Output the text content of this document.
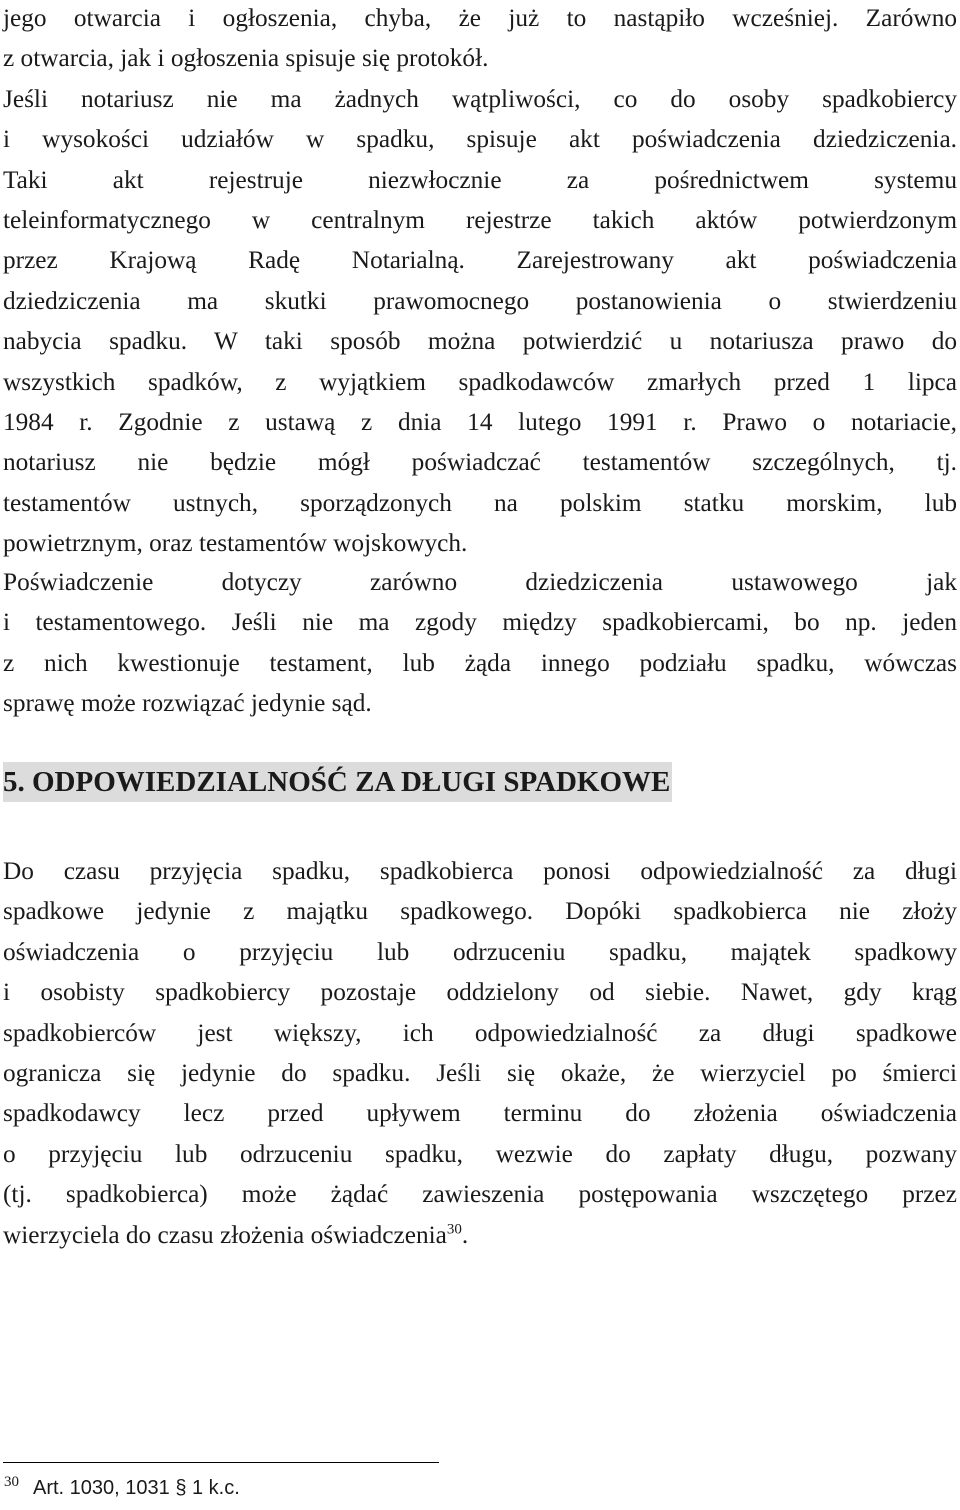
jego otwarcia i ogłoszenia, chyba, że już to nastąpiło wcześniej. Zarówno
z otwarcia, jak i ogłoszenia spisuje się protokół.
Jeśli notariusz nie ma żadnych wątpliwości, co do osoby spadkobiercy
i wysokości udziałów w spadku, spisuje akt poświadczenia dziedziczenia.
Taki akt rejestruje niezwłocznie za pośrednictwem systemu
teleinformatycznego w centralnym rejestrze takich aktów potwierdzonym
przez Krajową Radę Notarialną. Zarejestrowany akt poświadczenia
dziedziczenia ma skutki prawomocnego postanowienia o stwierdzeniu
nabycia spadku. W taki sposób można potwierdzić u notariusza prawo do
wszystkich spadków, z wyjątkiem spadkodawców zmarłych przed 1 lipca
1984 r. Zgodnie z ustawą z dnia 14 lutego 1991 r. Prawo o notariacie,
notariusz nie będzie mógł poświadczać testamentów szczególnych, tj.
testamentów ustnych, sporządzonych na polskim statku morskim, lub
powietrznym, oraz testamentów wojskowych.
Poświadczenie dotyczy zarówno dziedziczenia ustawowego jak
i testamentowego. Jeśli nie ma zgody między spadkobiercami, bo np. jeden
z nich kwestionuje testament, lub żąda innego podziału spadku, wówczas
sprawę może rozwiązać jedynie sąd.
5. ODPOWIEDZIALNOŚĆ ZA DŁUGI SPADKOWE
Do czasu przyjęcia spadku, spadkobierca ponosi odpowiedzialność za długi
spadkowe jedynie z majątku spadkowego. Dopóki spadkobierca nie złoży
oświadczenia o przyjęciu lub odrzuceniu spadku, majątek spadkowy
i osobisty spadkobiercy pozostaje oddzielony od siebie. Nawet, gdy krąg
spadkobierców jest większy, ich odpowiedzialność za długi spadkowe
ogranicza się jedynie do spadku. Jeśli się okaże, że wierzyciel po śmierci
spadkodawcy lecz przed upływem terminu do złożenia oświadczenia
o przyjęciu lub odrzuceniu spadku, wezwie do zapłaty długu, pozwany
(tj. spadkobierca) może żądać zawieszenia postępowania wszczętego przez
wierzyciela do czasu złożenia oświadczenia$^{30}$.
$^{30}$ Art. 1030, 1031 § 1 k.c.
